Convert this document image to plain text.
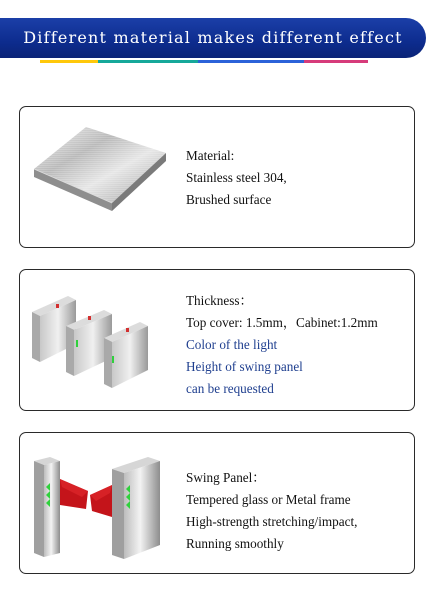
Different material makes different effect
Material:
Stainless steel 304,
Brushed surface
Thickness：
Top cover: 1.5mm，Cabinet:1.2mm
Color of the light
Height of swing panel
can be requested
Swing Panel：
Tempered glass or Metal frame
High-strength stretching/impact,
Running smoothly
